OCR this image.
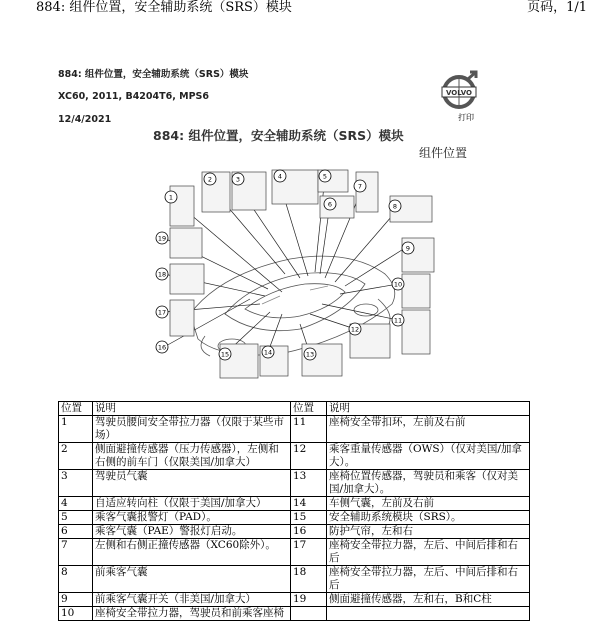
884: 组件位置，安全辅助系统（SRS）模块	页码，1/1
884: 组件位置，安全辅助系统（SRS）模块
XC60, 2011, B4204T6, MPS6
12/4/2021
VOLVO
打印
884: 组件位置，安全辅助系统（SRS）模块
组件位置
1
2	3	4	5
6
7
8
9
10
11
12
13
14
15
16
17
18
19
位置	说明	位置	说明
1	驾驶员腰间安全带拉力器（仅限于某些市场）	11	座椅安全带扣环，左前及右前
2	侧面避撞传感器（压力传感器），左侧和右侧的前车门（仅限美国/加拿大）	12	乘客重量传感器（OWS）（仅对美国/加拿大）。
3	驾驶员气囊	13	座椅位置传感器，驾驶员和乘客（仅对美国/加拿大）。
4	自适应转向柱（仅限于美国/加拿大）	14	车侧气囊，左前及右前
5	乘客气囊报警灯（PAD）。	15	安全辅助系统模块（SRS）。
6	乘客气囊（PAE）警报灯启动。	16	防护气帘，左和右
7	左侧和右侧正撞传感器（XC60除外）。	17	座椅安全带拉力器，左后、中间后排和右后
8	前乘客气囊	18	座椅安全带拉力器，左后、中间后排和右后
9	前乘客气囊开关（非美国/加拿大）	19	侧面避撞传感器，左和右，B和C柱
10	座椅安全带拉力器，驾驶员和前乘客座椅		
